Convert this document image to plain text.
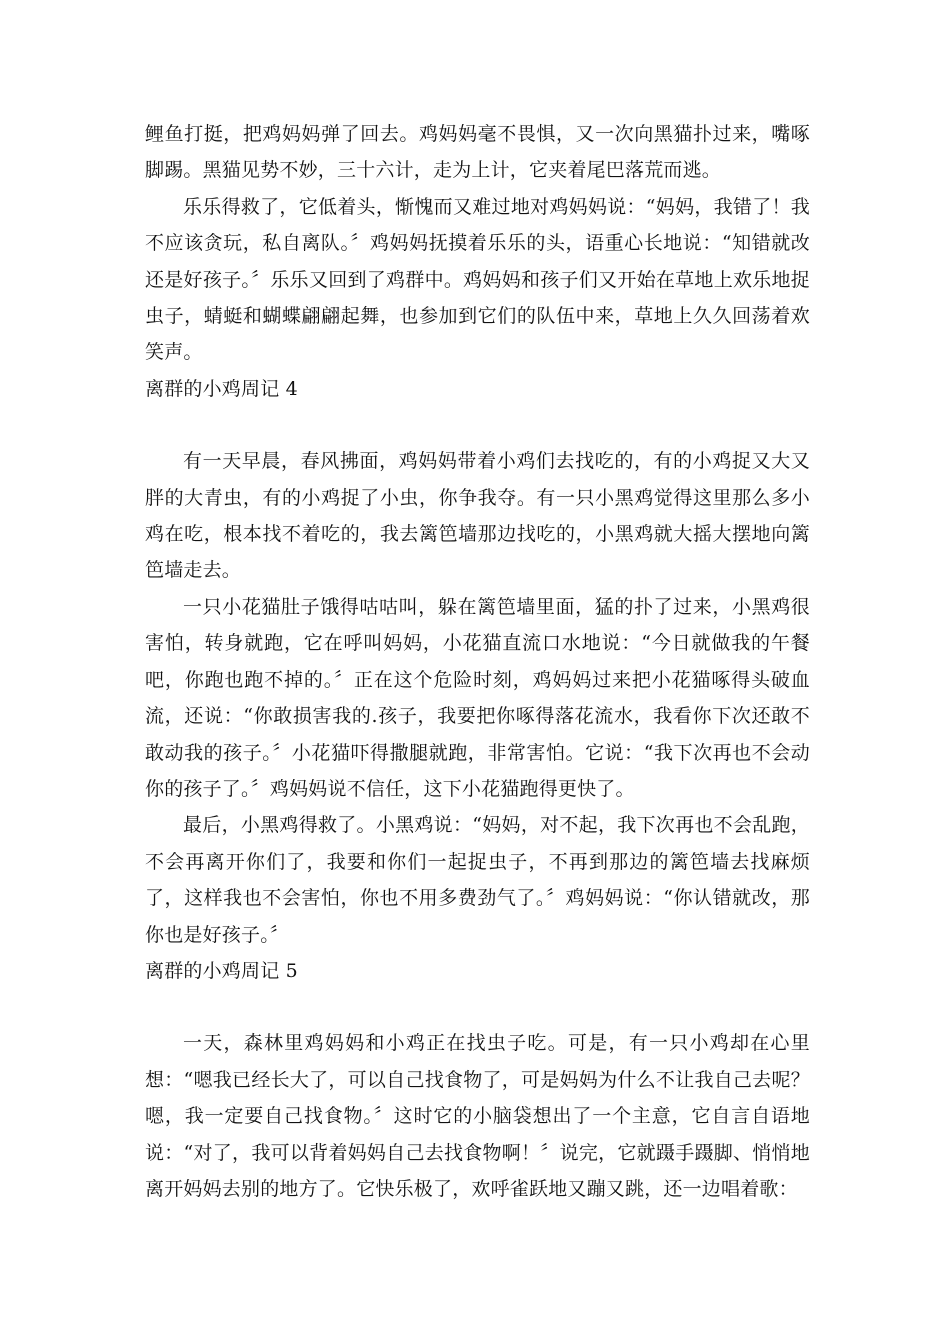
鲤鱼打挺，把鸡妈妈弹了回去。鸡妈妈毫不畏惧，又一次向黑猫扑过来，嘴啄脚踢。黑猫见势不妙，三十六计，走为上计，它夹着尾巴落荒而逃。

乐乐得救了，它低着头，惭愧而又难过地对鸡妈妈说：“妈妈，我错了！我不应该贪玩，私自离队。〞鸡妈妈抚摸着乐乐的头，语重心长地说：“知错就改还是好孩子。〞乐乐又回到了鸡群中。鸡妈妈和孩子们又开始在草地上欢乐地捉虫子，蜻蜓和蝴蝶翩翩起舞，也参加到它们的队伍中来，草地上久久回荡着欢笑声。

离群的小鸡周记 4

有一天早晨，春风拂面，鸡妈妈带着小鸡们去找吃的，有的小鸡捉又大又胖的大青虫，有的小鸡捉了小虫，你争我夺。有一只小黑鸡觉得这里那么多小鸡在吃，根本找不着吃的，我去篱笆墙那边找吃的，小黑鸡就大摇大摆地向篱笆墙走去。

一只小花猫肚子饿得咕咕叫，躲在篱笆墙里面，猛的扑了过来，小黑鸡很害怕，转身就跑，它在呼叫妈妈，小花猫直流口水地说：“今日就做我的午餐吧，你跑也跑不掉的。〞正在这个危险时刻，鸡妈妈过来把小花猫啄得头破血流，还说：“你敢损害我的.孩子，我要把你啄得落花流水，我看你下次还敢不敢动我的孩子。〞小花猫吓得撒腿就跑，非常害怕。它说：“我下次再也不会动你的孩子了。〞鸡妈妈说不信任，这下小花猫跑得更快了。

最后，小黑鸡得救了。小黑鸡说：“妈妈，对不起，我下次再也不会乱跑，不会再离开你们了，我要和你们一起捉虫子，不再到那边的篱笆墙去找麻烦了，这样我也不会害怕，你也不用多费劲气了。〞鸡妈妈说：“你认错就改，那你也是好孩子。〞

离群的小鸡周记 5

一天，森林里鸡妈妈和小鸡正在找虫子吃。可是，有一只小鸡却在心里想：“嗯我已经长大了，可以自己找食物了，可是妈妈为什么不让我自己去呢？嗯，我一定要自己找食物。〞这时它的小脑袋想出了一个主意，它自言自语地说：“对了，我可以背着妈妈自己去找食物啊！〞说完，它就蹑手蹑脚、悄悄地离开妈妈去别的地方了。它快乐极了，欢呼雀跃地又蹦又跳，还一边唱着歌：
